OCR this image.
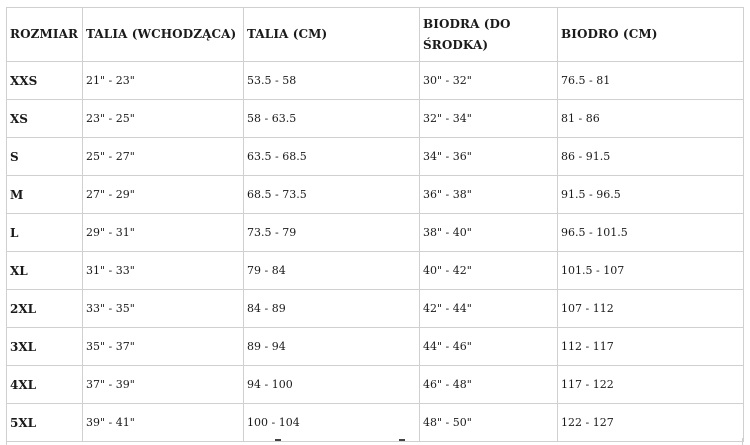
ROZMIAR	TALIA (WCHODZĄCA)	TALIA (CM)	BIODRA (DO ŚRODKA)	BIODRO (CM)
XXS	21" - 23"	53.5 - 58	30" - 32"	76.5 - 81
XS	23" - 25"	58 - 63.5	32" - 34"	81 - 86
S	25" - 27"	63.5 - 68.5	34" - 36"	86 - 91.5
M	27" - 29"	68.5 - 73.5	36" - 38"	91.5 - 96.5
L	29" - 31"	73.5 - 79	38" - 40"	96.5 - 101.5
XL	31" - 33"	79 - 84	40" - 42"	101.5 - 107
2XL	33" - 35"	84 - 89	42" - 44"	107 - 112
3XL	35" - 37"	89 - 94	44" - 46"	112 - 117
4XL	37" - 39"	94 - 100	46" - 48"	117 - 122
5XL	39" - 41"	100 - 104	48" - 50"	122 - 127
